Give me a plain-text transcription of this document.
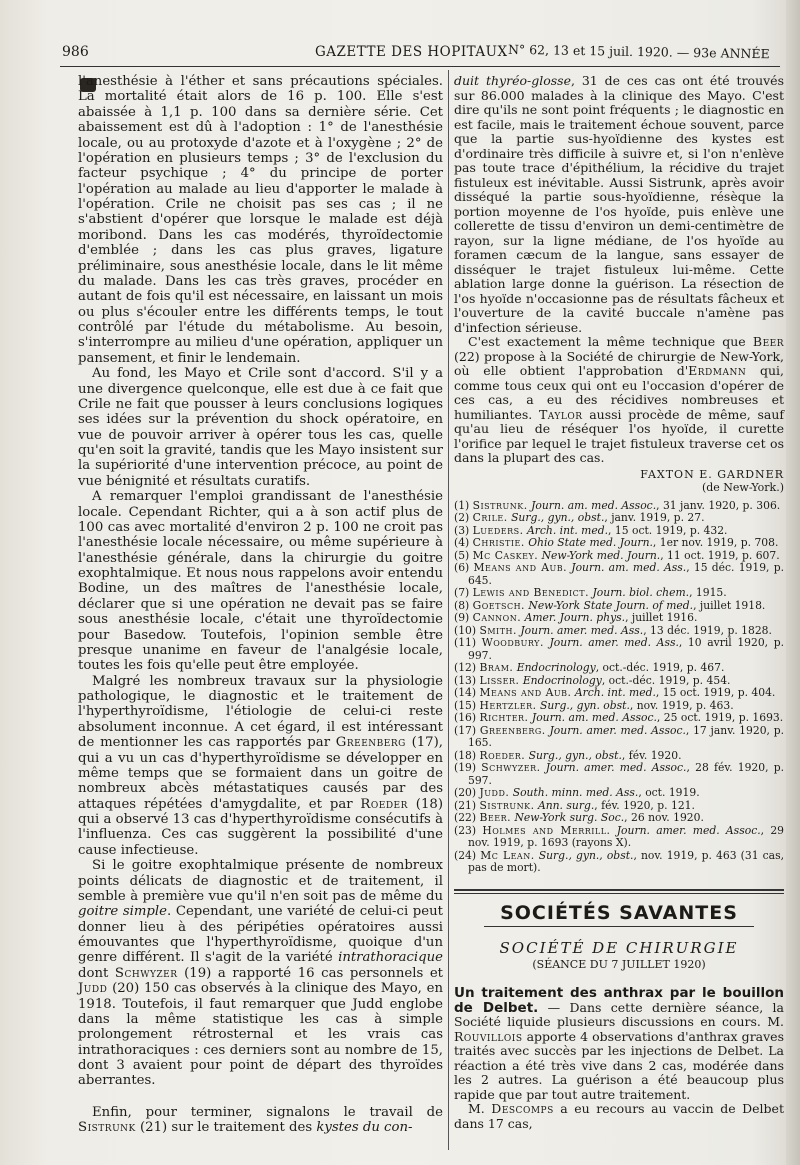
986	GAZETTE DES HOPITAUX N° 62, 13 et 15 juil. 1920. — 93e ANNÉE

l'anesthésie à l'éther et sans précautions spéciales. La mortalité était alors de 16 p. 100. Elle s'est abaissée à 1,1 p. 100 dans sa dernière série. Cet abaissement est dû à l'adoption : 1° de l'anesthésie locale, ou au protoxyde d'azote et à l'oxygène ; 2° de l'opération en plusieurs temps ; 3° de l'exclusion du facteur psychique ; 4° du principe de porter l'opération au malade au lieu d'apporter le malade à l'opération. Crile ne choisit pas ses cas ; il ne s'abstient d'opérer que lorsque le malade est déjà moribond. Dans les cas modérés, thyroïdectomie d'emblée ; dans les cas plus graves, ligature préliminaire, sous anesthésie locale, dans le lit même du malade. Dans les cas très graves, procéder en autant de fois qu'il est nécessaire, en laissant un mois ou plus s'écouler entre les différents temps, le tout contrôlé par l'étude du métabolisme. Au besoin, s'interrompre au milieu d'une opération, appliquer un pansement, et finir le lendemain.

Au fond, les Mayo et Crile sont d'accord. S'il y a une divergence quelconque, elle est due à ce fait que Crile ne fait que pousser à leurs conclusions logiques ses idées sur la prévention du shock opératoire, en vue de pouvoir arriver à opérer tous les cas, quelle qu'en soit la gravité, tandis que les Mayo insistent sur la supériorité d'une intervention précoce, au point de vue bénignité et résultats curatifs.

A remarquer l'emploi grandissant de l'anesthésie locale. Cependant Richter, qui a à son actif plus de 100 cas avec mortalité d'environ 2 p. 100 ne croit pas l'anesthésie locale nécessaire, ou même supérieure à l'anesthésie générale, dans la chirurgie du goitre exophtalmique. Et nous nous rappelons avoir entendu Bodine, un des maîtres de l'anesthésie locale, déclarer que si une opération ne devait pas se faire sous anesthésie locale, c'était une thyroïdectomie pour Basedow. Toutefois, l'opinion semble être presque unanime en faveur de l'analgésie locale, toutes les fois qu'elle peut être employée.

Malgré les nombreux travaux sur la physiologie pathologique, le diagnostic et le traitement de l'hyperthyroïdisme, l'étiologie de celui-ci reste absolument inconnue. A cet égard, il est intéressant de mentionner les cas rapportés par Greenberg (17), qui a vu un cas d'hyperthyroïdisme se développer en même temps que se formaient dans un goitre de nombreux abcès métastatiques causés par des attaques répétées d'amygdalite, et par Roeder (18) qui a observé 13 cas d'hyperthyroïdisme consécutifs à l'influenza. Ces cas suggèrent la possibilité d'une cause infectieuse.

Si le goitre exophtalmique présente de nombreux points délicats de diagnostic et de traitement, il semble à première vue qu'il n'en soit pas de même du goitre simple. Cependant, une variété de celui-ci peut donner lieu à des péripéties opératoires aussi émouvantes que l'hyperthyroïdisme, quoique d'un genre différent. Il s'agit de la variété intrathoracique dont Schwyzer (19) a rapporté 16 cas personnels et Judd (20) 150 cas observés à la clinique des Mayo, en 1918. Toutefois, il faut remarquer que Judd englobe dans la même statistique les cas à simple prolongement rétrosternal et les vrais cas intrathoraciques : ces derniers sont au nombre de 15, dont 3 avaient pour point de départ des thyroïdes aberrantes.

Enfin, pour terminer, signalons le travail de Sistrunk (21) sur le traitement des kystes du con-

duit thyréo-glosse, 31 de ces cas ont été trouvés sur 86.000 malades à la clinique des Mayo. C'est dire qu'ils ne sont point fréquents ; le diagnostic en est facile, mais le traitement échoue souvent, parce que la partie sus-hyoïdienne des kystes est d'ordinaire très difficile à suivre et, si l'on n'enlève pas toute trace d'épithélium, la récidive du trajet fistuleux est inévitable. Aussi Sistrunk, après avoir disséqué la partie sous-hyoïdienne, résèque la portion moyenne de l'os hyoïde, puis enlève une collerette de tissu d'environ un demi-centimètre de rayon, sur la ligne médiane, de l'os hyoïde au foramen cæcum de la langue, sans essayer de disséquer le trajet fistuleux lui-même. Cette ablation large donne la guérison. La résection de l'os hyoïde n'occasionne pas de résultats fâcheux et l'ouverture de la cavité buccale n'amène pas d'infection sérieuse.

C'est exactement la même technique que Beer (22) propose à la Société de chirurgie de New-York, où elle obtient l'approbation d'Erdmann qui, comme tous ceux qui ont eu l'occasion d'opérer de ces cas, a eu des récidives nombreuses et humiliantes. Taylor aussi procède de même, sauf qu'au lieu de réséquer l'os hyoïde, il curette l'orifice par lequel le trajet fistuleux traverse cet os dans la plupart des cas.

FAXTON E. GARDNER
(de New-York.)

(1) Sistrunk. Journ. am. med. Assoc., 31 janv. 1920, p. 306.

(2) Crile. Surg., gyn., obst., janv. 1919, p. 27.

(3) Lueders. Arch. int. med., 15 oct. 1919, p. 432.

(4) Christie. Ohio State med. Journ., 1er nov. 1919, p. 708.

(5) Mc Caskey. New-York med. Journ., 11 oct. 1919, p. 607.

(6) Means and Aub. Journ. am. med. Ass., 15 déc. 1919, p. 645.

(7) Lewis and Benedict. Journ. biol. chem., 1915.

(8) Goetsch. New-York State Journ. of med., juillet 1918.

(9) Cannon. Amer. Journ. phys., juillet 1916.

(10) Smith. Journ. amer. med. Ass., 13 déc. 1919, p. 1828.

(11) Woodbury. Journ. amer. med. Ass., 10 avril 1920, p. 997.

(12) Bram. Endocrinology, oct.-déc. 1919, p. 467.

(13) Lisser. Endocrinology, oct.-déc. 1919, p. 454.

(14) Means and Aub. Arch. int. med., 15 oct. 1919, p. 404.

(15) Hertzler. Surg., gyn. obst., nov. 1919, p. 463.

(16) Richter. Journ. am. med. Assoc., 25 oct. 1919, p. 1693.

(17) Greenberg. Journ. amer. med. Assoc., 17 janv. 1920, p. 165.

(18) Roeder. Surg., gyn., obst., fév. 1920.

(19) Schwyzer. Journ. amer. med. Assoc., 28 fév. 1920, p. 597.

(20) Judd. South. minn. med. Ass., oct. 1919.

(21) Sistrunk. Ann. surg., fév. 1920, p. 121.

(22) Beer. New-York surg. Soc., 26 nov. 1920.

(23) Holmes and Merrill. Journ. amer. med. Assoc., 29 nov. 1919, p. 1693 (rayons X).

(24) Mc Lean. Surg., gyn., obst., nov. 1919, p. 463 (31 cas, pas de mort).

SOCIÉTÉS SAVANTES
SOCIÉTÉ DE CHIRURGIE
(SÉANCE DU 7 JUILLET 1920)

Un traitement des anthrax par le bouillon de Delbet. — Dans cette dernière séance, la Société liquide plusieurs discussions en cours. M. Rouvillois apporte 4 observations d'anthrax graves traités avec succès par les injections de Delbet. La réaction a été très vive dans 2 cas, modérée dans les 2 autres. La guérison a été beaucoup plus rapide que par tout autre traitement.

M. Descomps a eu recours au vaccin de Delbet dans 17 cas,
